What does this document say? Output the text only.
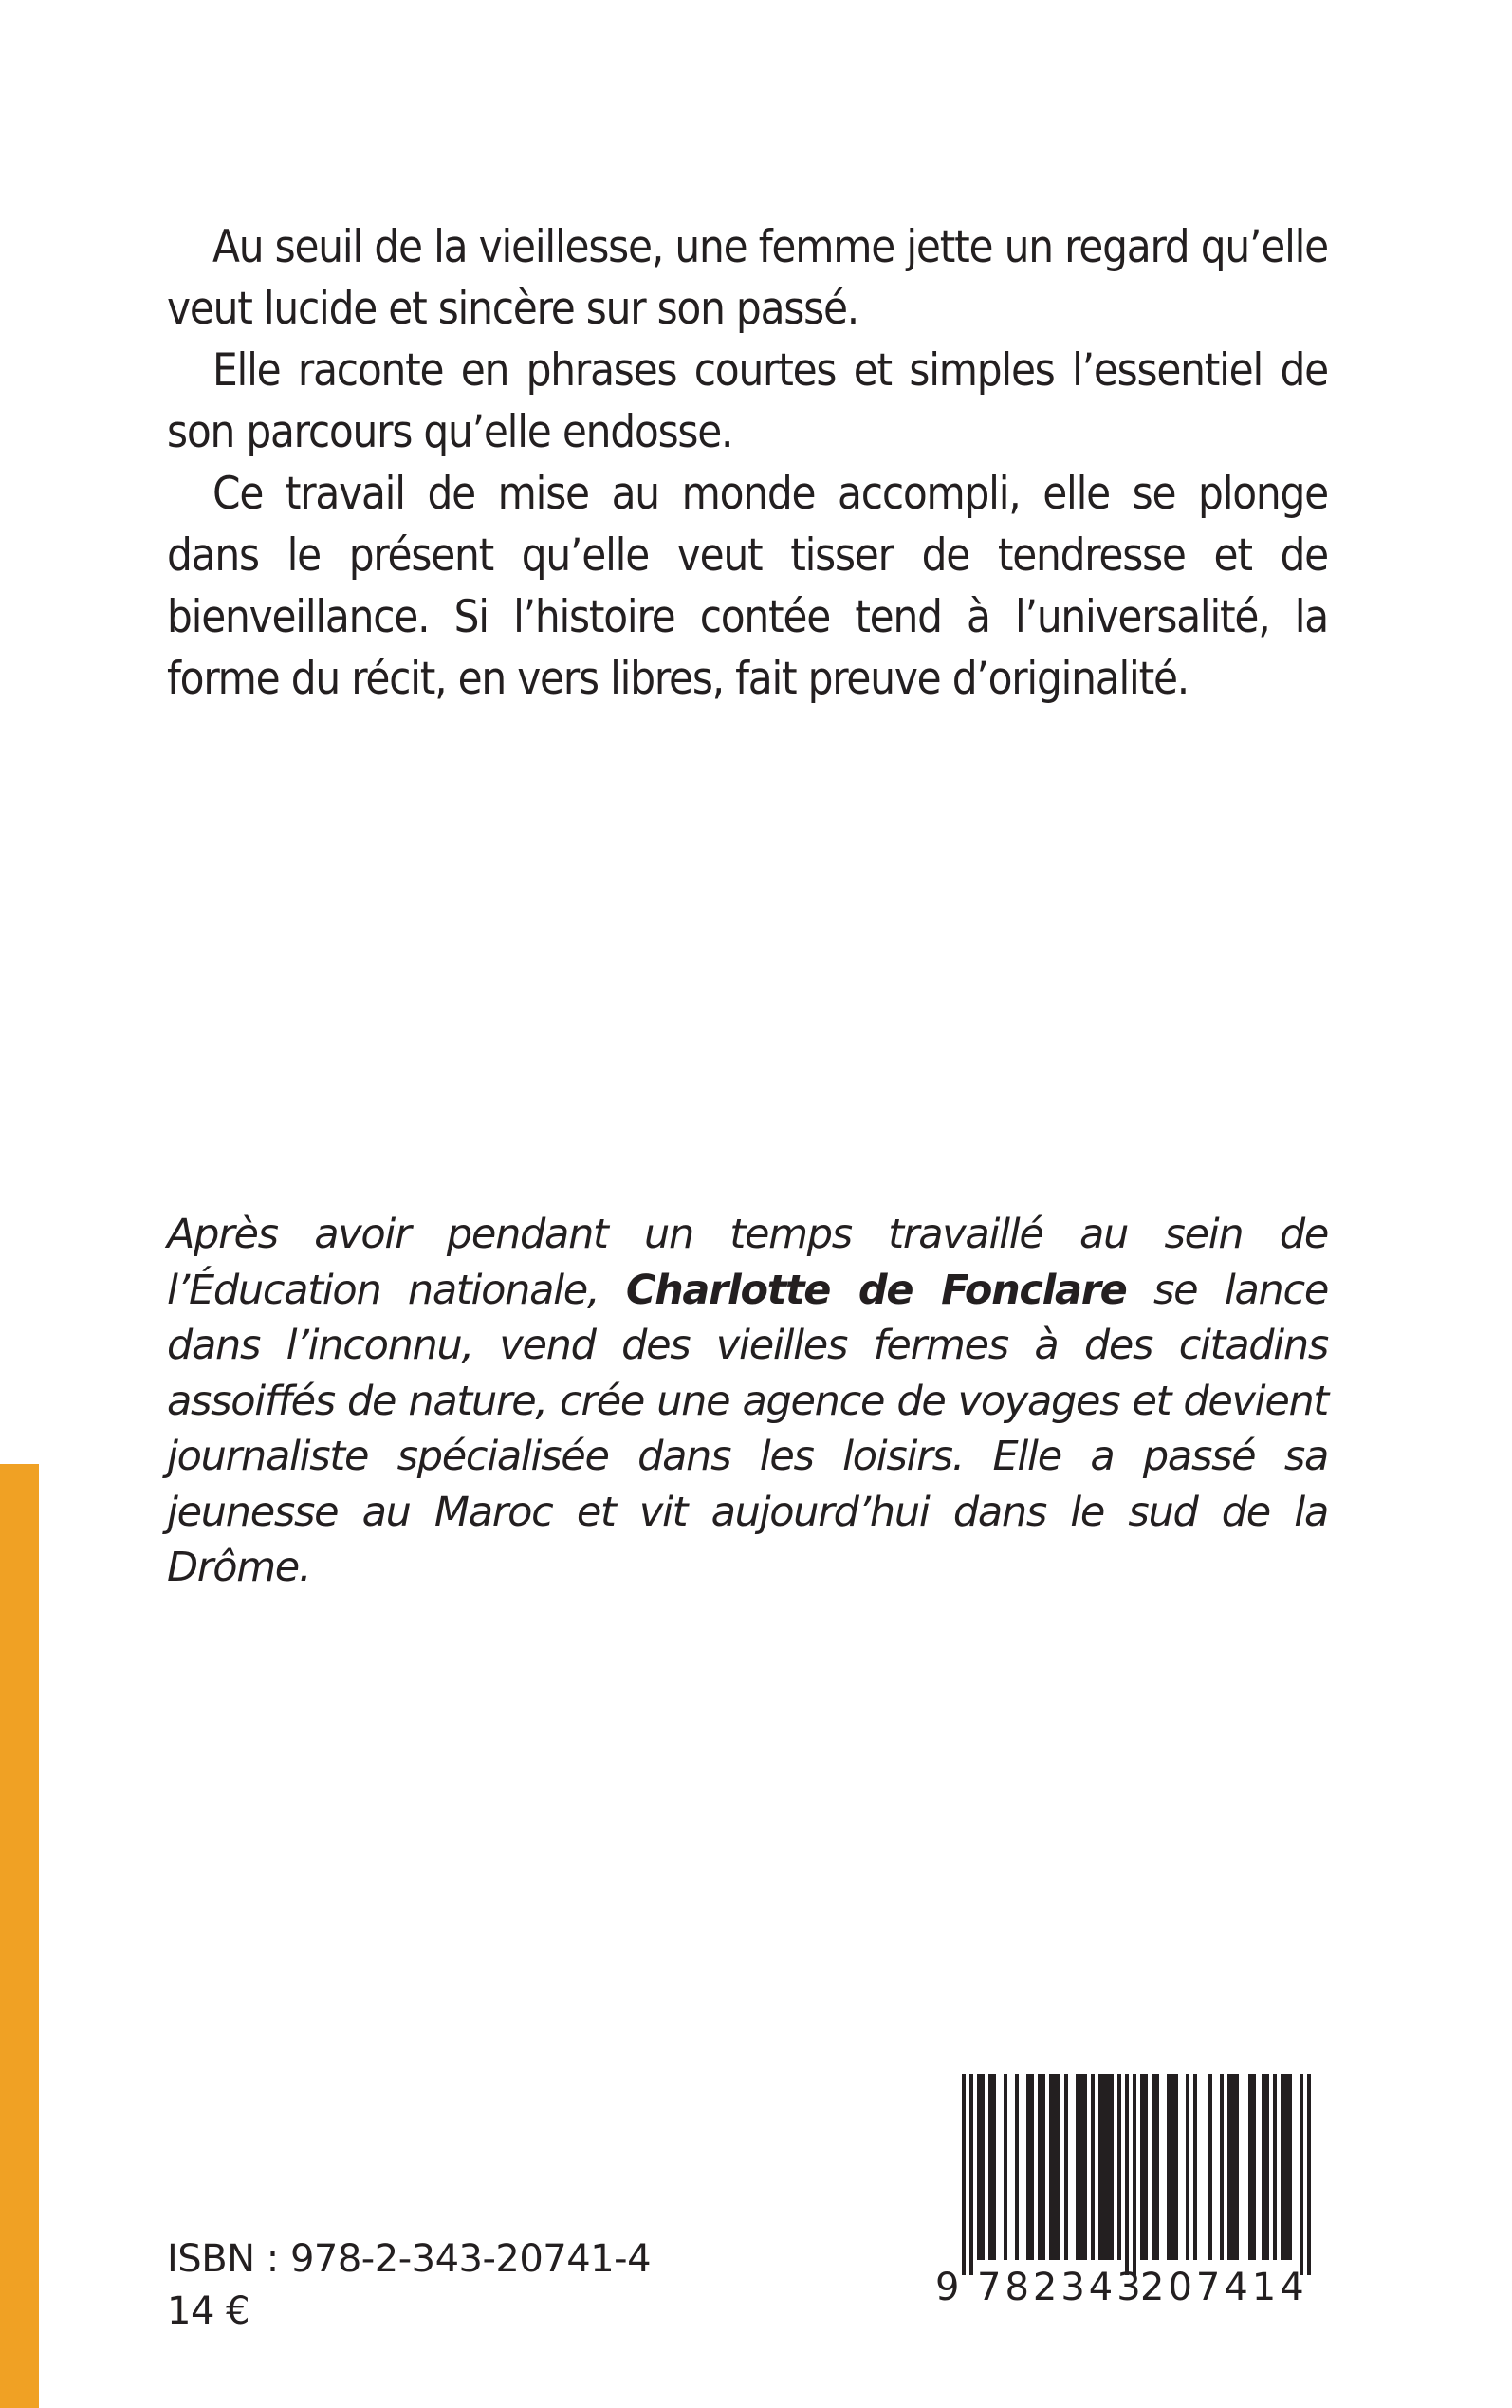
Au seuil de la vieillesse, une femme jette un regard qu’elle veut lucide et sincère sur son passé.

Elle raconte en phrases courtes et simples l’essentiel de son parcours qu’elle endosse.

Ce travail de mise au monde accompli, elle se plonge dans le présent qu’elle veut tisser de tendresse et de bienveillance. Si l’histoire contée tend à l’universalité, la forme du récit, en vers libres, fait preuve d’originalité.

Après avoir pendant un temps travaillé au sein de l’Éducation nationale, Charlotte de Fonclare se lance dans l’inconnu, vend des vieilles fermes à des citadins assoiffés de nature, crée une agence de voyages et devient journaliste spécialisée dans les loisirs. Elle a passé sa jeunesse au Maroc et vit aujourd’hui dans le sud de la Drôme.

ISBN : 978-2-343-20741-4
14 €
9 782343
207414
